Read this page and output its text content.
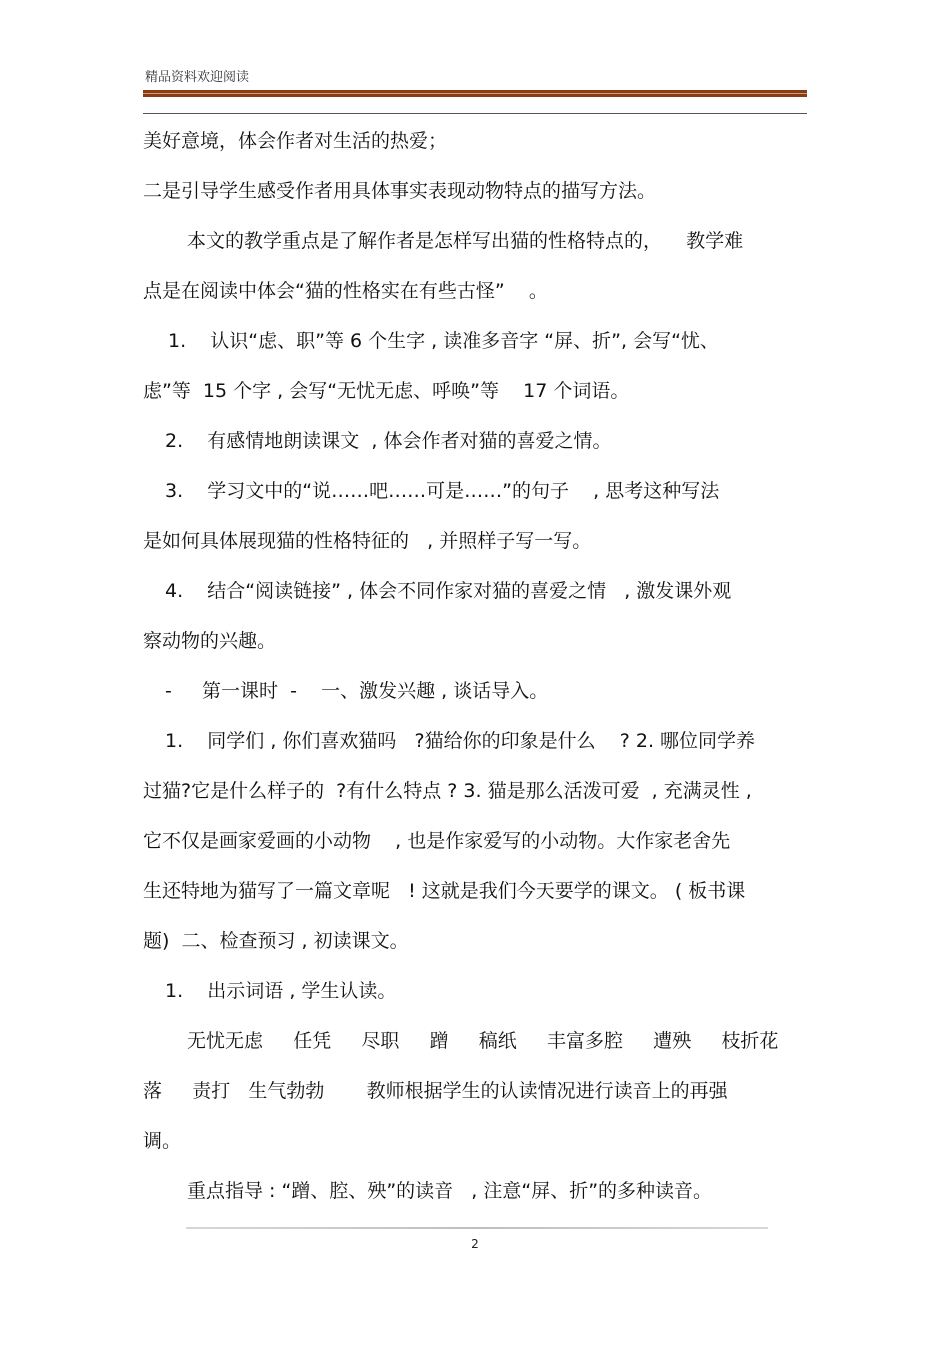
精品资料欢迎阅读
美好意境，体会作者对生活的热爱；
二是引导学生感受作者用具体事实表现动物特点的描写方法。
本文的教学重点是了解作者是怎样写出猫的性格特点的，    教学难
点是在阅读中体会“猫的性格实在有些古怪”    。
1.    认识“虑、职”等 6 个生字 , 读准多音字 “屏、折”, 会写“忧、
虑”等  15 个字 , 会写“无忧无虑、呼唤”等    17 个词语。
2.    有感情地朗读课文  , 体会作者对猫的喜爱之情。
3.    学习文中的“说……吧……可是……”的句子    , 思考这种写法
是如何具体展现猫的性格特征的   , 并照样子写一写。
4.    结合“阅读链接” , 体会不同作家对猫的喜爱之情   , 激发课外观
察动物的兴趣。
-     第一课时  -    一、激发兴趣 , 谈话导入。
1.    同学们 , 你们喜欢猫吗   ?猫给你的印象是什么    ? 2. 哪位同学养
过猫?它是什么样子的  ?有什么特点 ? 3. 猫是那么活泼可爱  , 充满灵性 ,
它不仅是画家爱画的小动物    , 也是作家爱写的小动物。大作家老舍先
生还特地为猫写了一篇文章呢   ! 这就是我们今天要学的课文。 ( 板书课
题)  二、检查预习 , 初读课文。
1.    出示词语 , 学生认读。
无忧无虑     任凭     尽职     蹭     稿纸     丰富多腔     遭殃     枝折花
落     责打   生气勃勃       教师根据学生的认读情况进行读音上的再强
调。
重点指导 : “蹭、腔、殃”的读音   , 注意“屏、折”的多种读音。
2
